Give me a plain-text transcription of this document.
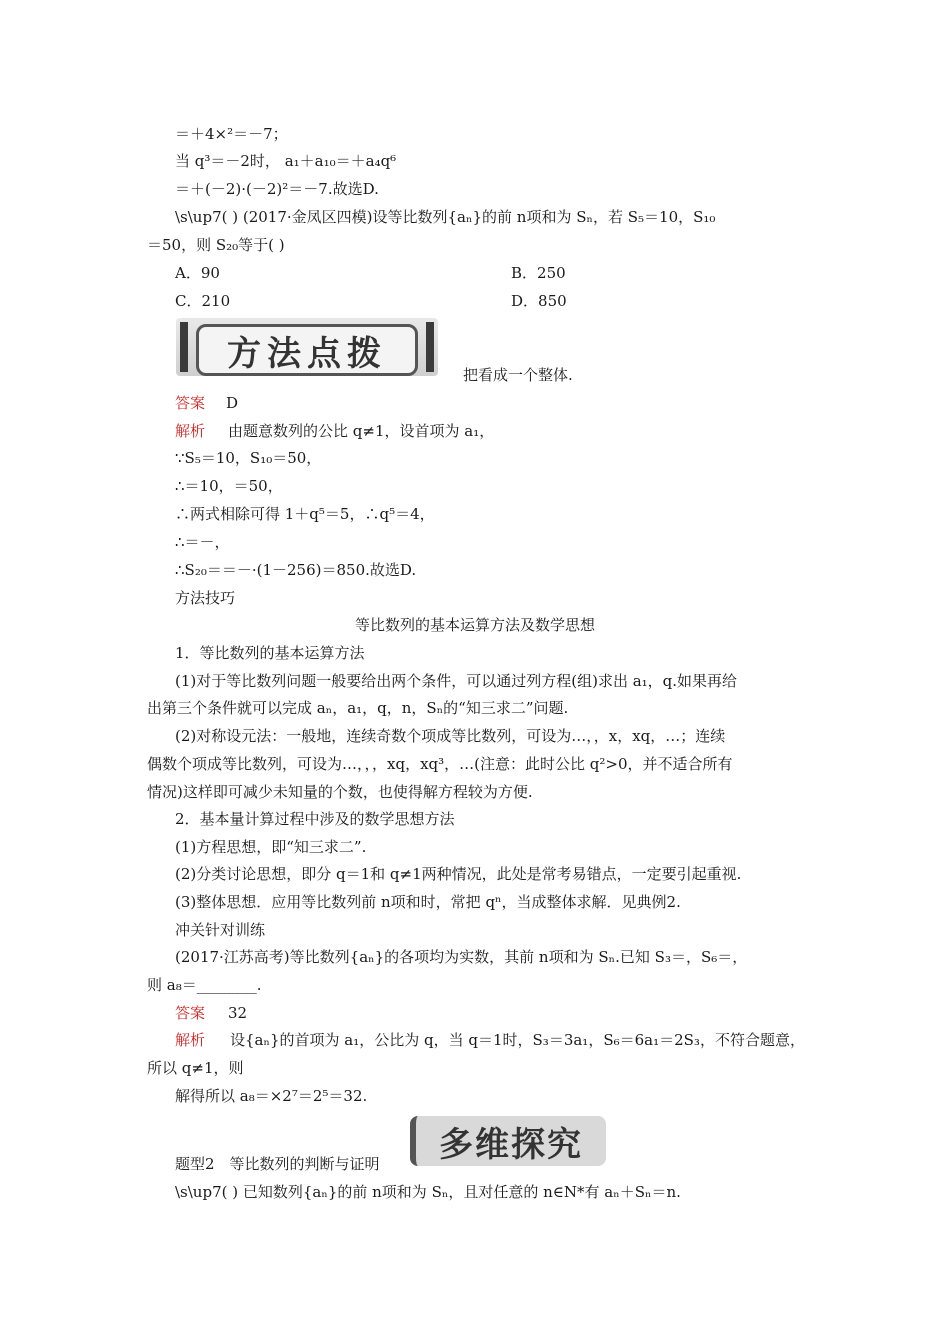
＝＋4×²＝－7；
当 q³＝－2时， a₁＋a₁₀＝＋a₄q⁶
＝＋(－2)·(－2)²＝－7.故选D.
\s\up7( ) (2017·金凤区四模)设等比数列{aₙ}的前 n项和为 Sₙ，若 S₅＝10，S₁₀
＝50，则 S₂₀等于( )
A．90	B．250
C．210	D．850
方法点拨
把看成一个整体.
答案 D
解析 由题意数列的公比 q≠1，设首项为 a₁，
∵S₅＝10，S₁₀＝50，
∴＝10，＝50，
∴两式相除可得 1＋q⁵＝5，∴q⁵＝4，
∴＝－，
∴S₂₀＝＝－·(1－256)＝850.故选D.
方法技巧
等比数列的基本运算方法及数学思想
1．等比数列的基本运算方法
(1)对于等比数列问题一般要给出两个条件，可以通过列方程(组)求出 a₁，q.如果再给
出第三个条件就可以完成 aₙ，a₁，q，n，Sₙ的“知三求二”问题.
(2)对称设元法：一般地，连续奇数个项成等比数列，可设为…，，x，xq，…；连续
偶数个项成等比数列，可设为…，，，xq，xq³，…(注意：此时公比 q²>0，并不适合所有
情况)这样即可减少未知量的个数，也使得解方程较为方便.
2．基本量计算过程中涉及的数学思想方法
(1)方程思想，即“知三求二”.
(2)分类讨论思想，即分 q＝1和 q≠1两种情况，此处是常考易错点，一定要引起重视.
(3)整体思想．应用等比数列前 n项和时，常把 qⁿ，当成整体求解．见典例2.
冲关针对训练
(2017·江苏高考)等比数列{aₙ}的各项均为实数，其前 n项和为 Sₙ.已知 S₃＝，S₆＝，
则 a₈＝________.
答案 32
解析 设{aₙ}的首项为 a₁，公比为 q，当 q＝1时，S₃＝3a₁，S₆＝6a₁＝2S₃，不符合题意，
所以 q≠1，则
解得所以 a₈＝×2⁷＝2⁵＝32.
多维探究
题型2　等比数列的判断与证明
\s\up7( ) 已知数列{aₙ}的前 n项和为 Sₙ，且对任意的 n∈N*有 aₙ＋Sₙ＝n.
